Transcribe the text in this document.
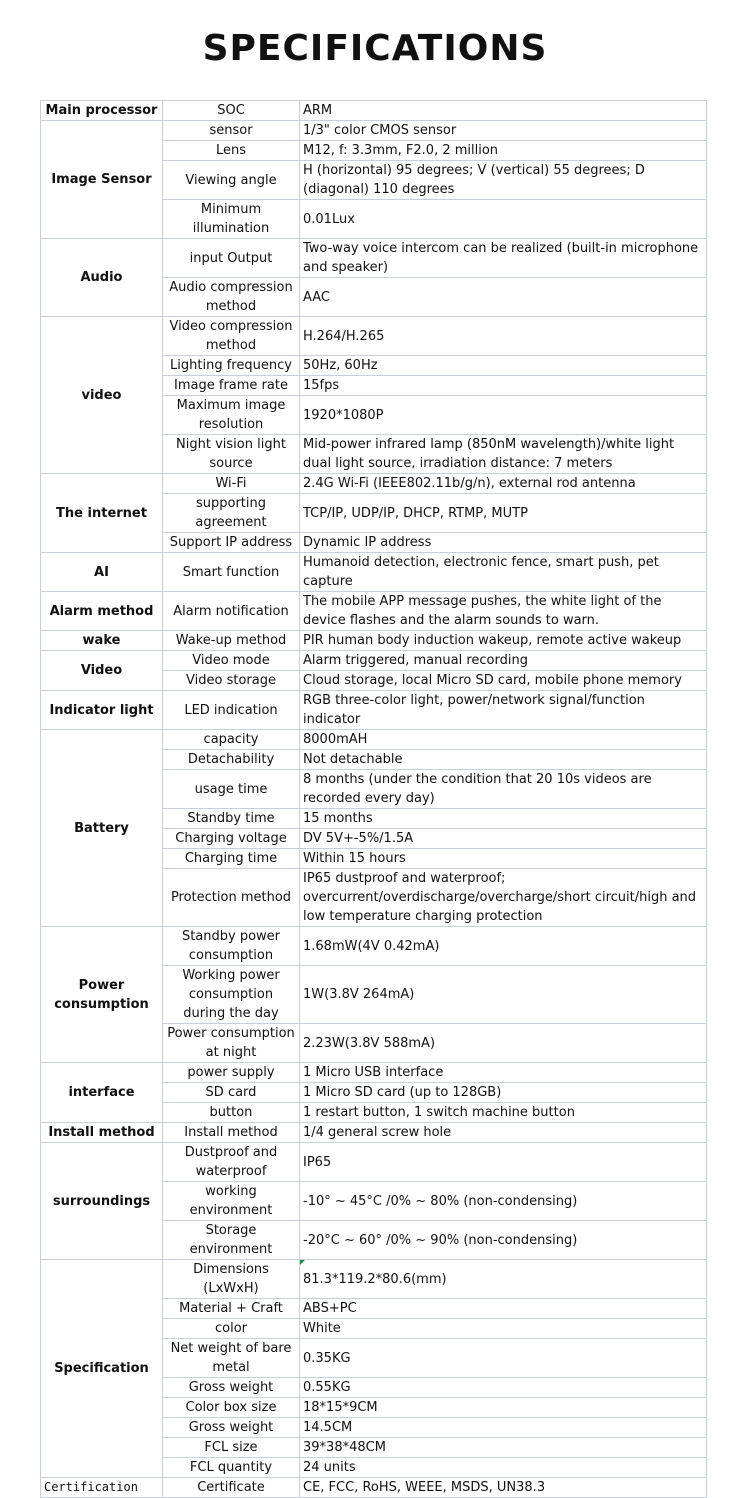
SPECIFICATIONS
Main processor	SOC	ARM
Image Sensor	sensor	1/3" color CMOS sensor
	Lens	M12, f: 3.3mm, F2.0, 2 million
	Viewing angle	H (horizontal) 95 degrees; V (vertical) 55 degrees; D (diagonal) 110 degrees
	Minimum illumination	0.01Lux
Audio	input Output	Two-way voice intercom can be realized (built-in microphone and speaker)
	Audio compression method	AAC
video	Video compression method	H.264/H.265
	Lighting frequency	50Hz, 60Hz
	Image frame rate	15fps
	Maximum image resolution	1920*1080P
	Night vision light source	Mid-power infrared lamp (850nM wavelength)/white light dual light source, irradiation distance: 7 meters
The internet	Wi-Fi	2.4G Wi-Fi (IEEE802.11b/g/n), external rod antenna
	supporting agreement	TCP/IP, UDP/IP, DHCP, RTMP, MUTP
	Support IP address	Dynamic IP address
AI	Smart function	Humanoid detection, electronic fence, smart push, pet capture
Alarm method	Alarm notification	The mobile APP message pushes, the white light of the device flashes and the alarm sounds to warn.
wake	Wake-up method	PIR human body induction wakeup, remote active wakeup
Video	Video mode	Alarm triggered, manual recording
	Video storage	Cloud storage, local Micro SD card, mobile phone memory
Indicator light	LED indication	RGB three-color light, power/network signal/function indicator
Battery	capacity	8000mAH
	Detachability	Not detachable
	usage time	8 months (under the condition that 20 10s videos are recorded every day)
	Standby time	15 months
	Charging voltage	DV 5V+-5%/1.5A
	Charging time	Within 15 hours
	Protection method	IP65 dustproof and waterproof; overcurrent/overdischarge/overcharge/short circuit/high and low temperature charging protection
Power consumption	Standby power consumption	1.68mW(4V 0.42mA)
	Working power consumption during the day	1W(3.8V 264mA)
	Power consumption at night	2.23W(3.8V 588mA)
interface	power supply	1 Micro USB interface
	SD card	1 Micro SD card (up to 128GB)
	button	1 restart button, 1 switch machine button
Install method	Install method	1/4 general screw hole
surroundings	Dustproof and waterproof	IP65
	working environment	-10° ~ 45°C /0% ~ 80% (non-condensing)
	Storage environment	-20°C ~ 60° /0% ~ 90% (non-condensing)
Specification	Dimensions (LxWxH)	81.3*119.2*80.6(mm)
	Material + Craft	ABS+PC
	color	White
	Net weight of bare metal	0.35KG
	Gross weight	0.55KG
	Color box size	18*15*9CM
	Gross weight	14.5CM
	FCL size	39*38*48CM
	FCL quantity	24 units
Certification	Certificate	CE, FCC, RoHS, WEEE, MSDS, UN38.3
